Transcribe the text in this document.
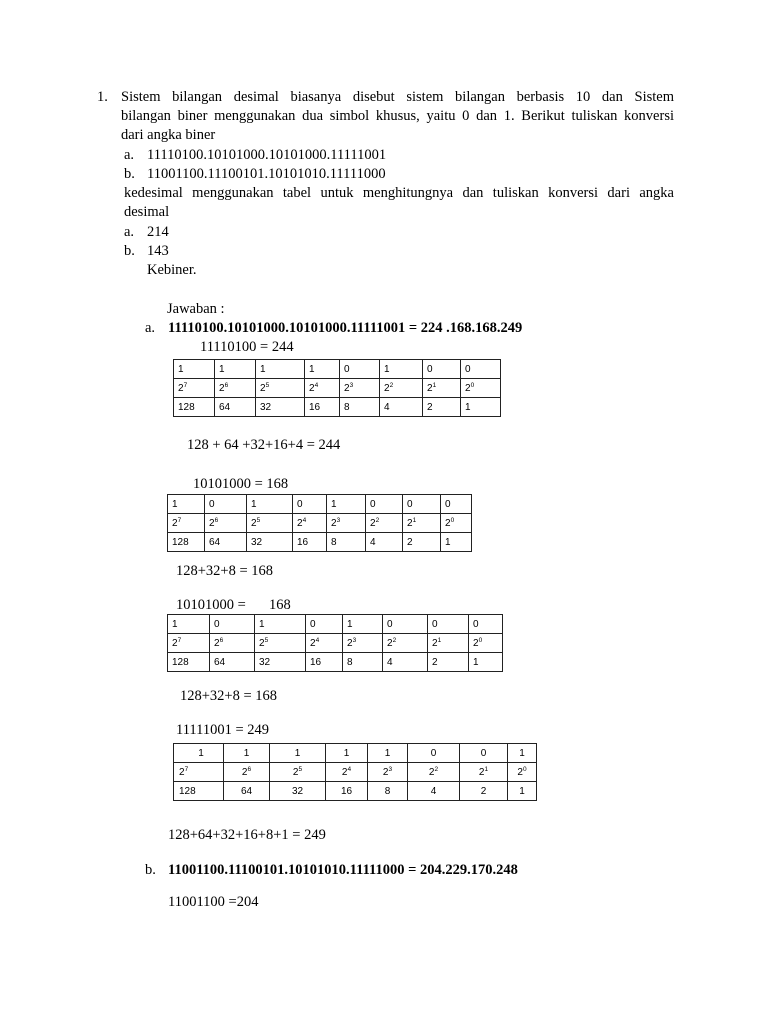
1. Sistem bilangan desimal biasanya disebut sistem bilangan berbasis 10 dan Sistem
bilangan biner menggunakan dua simbol khusus, yaitu 0 dan 1. Berikut tuliskan konversi
dari angka biner
a. 11110100.10101000.10101000.11111001
b. 11001100.11100101.10101010.11111000
kedesimal menggunakan tabel untuk menghitungnya dan tuliskan konversi dari angka
desimal
a. 214
b. 143
Kebiner.
Jawaban :
a. 11110100.10101000.10101000.11111001 = 224 .168.168.249
11110100 = 244
1	1	1	1	0	1	0	0
$2^7$	$2^6$	$2^5$	$2^4$	$2^3$	$2^2$	$2^1$	$2^0$
128	64	32	16	8	4	2	1
128 + 64 +32+16+4 = 244
10101000 = 168
1	0	1	0	1	0	0	0
$2^7$	$2^6$	$2^5$	$2^4$	$2^3$	$2^2$	$2^1$	$2^0$
128	64	32	16	8	4	2	1
128+32+8 = 168
10101000 = 168
1	0	1	0	1	0	0	0
$2^7$	$2^6$	$2^5$	$2^4$	$2^3$	$2^2$	$2^1$	$2^0$
128	64	32	16	8	4	2	1
128+32+8 = 168
11111001 = 249
1	1	1	1	1	0	0	1
$2^7$	$2^6$	$2^5$	$2^4$	$2^3$	$2^2$	$2^1$	$2^0$
128	64	32	16	8	4	2	1
128+64+32+16+8+1 = 249
b. 11001100.11100101.10101010.11111000 = 204.229.170.248
11001100 =204
